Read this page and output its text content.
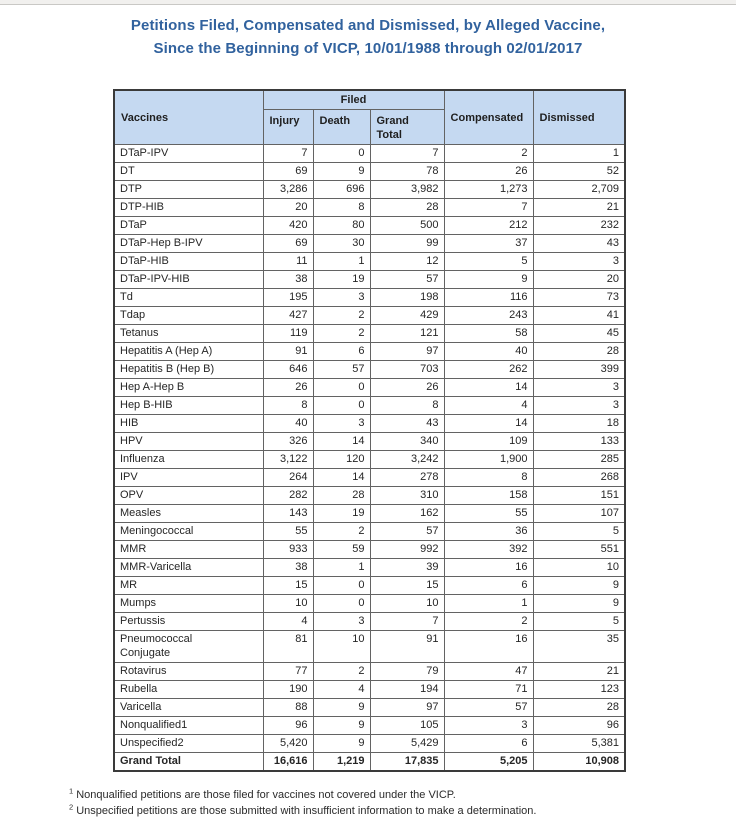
Petitions Filed, Compensated and Dismissed, by Alleged Vaccine,
Since the Beginning of VICP, 10/01/1988 through 02/01/2017
Vaccines	Filed			Compensated	Dismissed
	Injury	Death	Grand Total		
DTaP-IPV	7	0	7	2	1
DT	69	9	78	26	52
DTP	3,286	696	3,982	1,273	2,709
DTP-HIB	20	8	28	7	21
DTaP	420	80	500	212	232
DTaP-Hep B-IPV	69	30	99	37	43
DTaP-HIB	11	1	12	5	3
DTaP-IPV-HIB	38	19	57	9	20
Td	195	3	198	116	73
Tdap	427	2	429	243	41
Tetanus	119	2	121	58	45
Hepatitis A (Hep A)	91	6	97	40	28
Hepatitis B (Hep B)	646	57	703	262	399
Hep A-Hep B	26	0	26	14	3
Hep B-HIB	8	0	8	4	3
HIB	40	3	43	14	18
HPV	326	14	340	109	133
Influenza	3,122	120	3,242	1,900	285
IPV	264	14	278	8	268
OPV	282	28	310	158	151
Measles	143	19	162	55	107
Meningococcal	55	2	57	36	5
MMR	933	59	992	392	551
MMR-Varicella	38	1	39	16	10
MR	15	0	15	6	9
Mumps	10	0	10	1	9
Pertussis	4	3	7	2	5
Pneumococcal Conjugate	81	10	91	16	35
Rotavirus	77	2	79	47	21
Rubella	190	4	194	71	123
Varicella	88	9	97	57	28
Nonqualified1	96	9	105	3	96
Unspecified2	5,420	9	5,429	6	5,381
Grand Total	16,616	1,219	17,835	5,205	10,908
$^1$ Nonqualified petitions are those filed for vaccines not covered under the VICP.
$^2$ Unspecified petitions are those submitted with insufficient information to make a determination.
